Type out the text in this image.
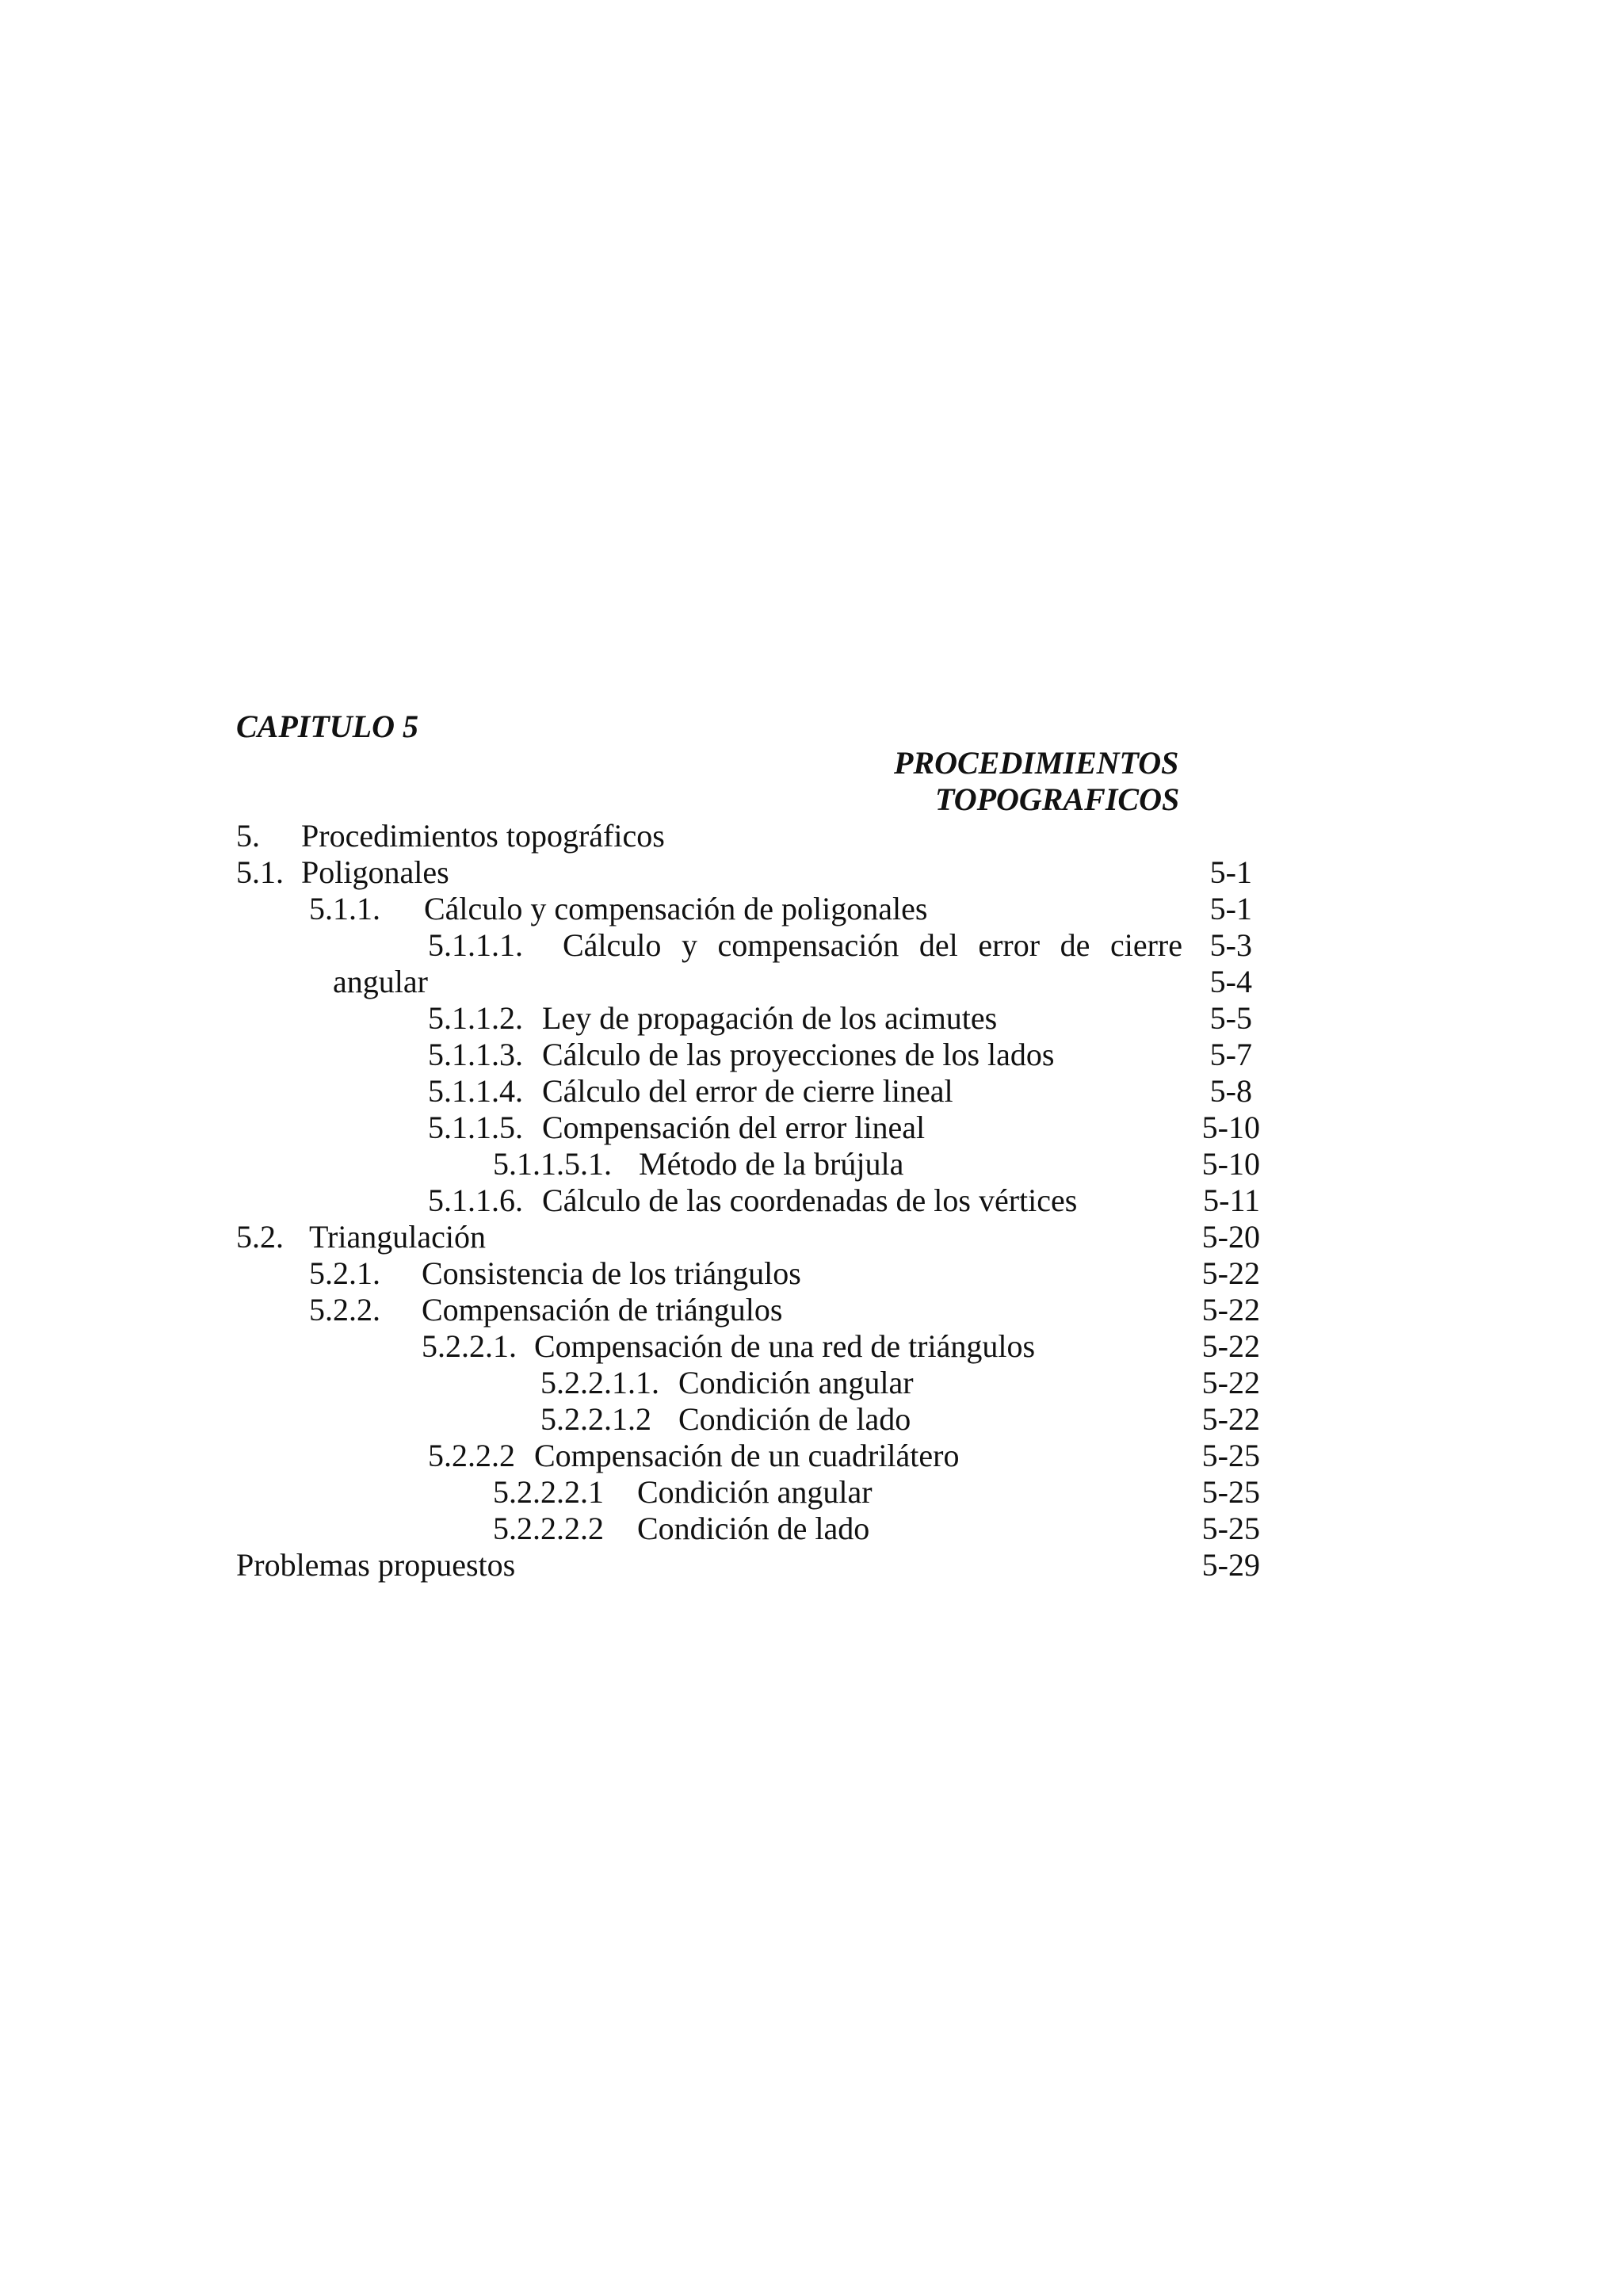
CAPITULO 5
PROCEDIMIENTOS
TOPOGRAFICOS
5. Procedimientos topográficos
5.1. Poligonales	5-1
5.1.1. Cálculo y compensación de poligonales	5-1
5.1.1.1. Cálculo y compensación del error de cierre 5-3
angular	5-4
5.1.1.2. Ley de propagación de los acimutes	5-5
5.1.1.3. Cálculo de las proyecciones de los lados	5-7
5.1.1.4. Cálculo del error de cierre lineal	5-8
5.1.1.5. Compensación del error lineal	5-10
5.1.1.5.1. Método de la brújula	5-10
5.1.1.6. Cálculo de las coordenadas de los vértices	5-11
5.2. Triangulación	5-20
5.2.1. Consistencia de los triángulos	5-22
5.2.2. Compensación de triángulos	5-22
5.2.2.1. Compensación de una red de triángulos	5-22
5.2.2.1.1. Condición angular	5-22
5.2.2.1.2 Condición de lado	5-22
5.2.2.2 Compensación de un cuadrilátero	5-25
5.2.2.2.1 Condición angular	5-25
5.2.2.2.2 Condición de lado	5-25
Problemas propuestos	5-29
